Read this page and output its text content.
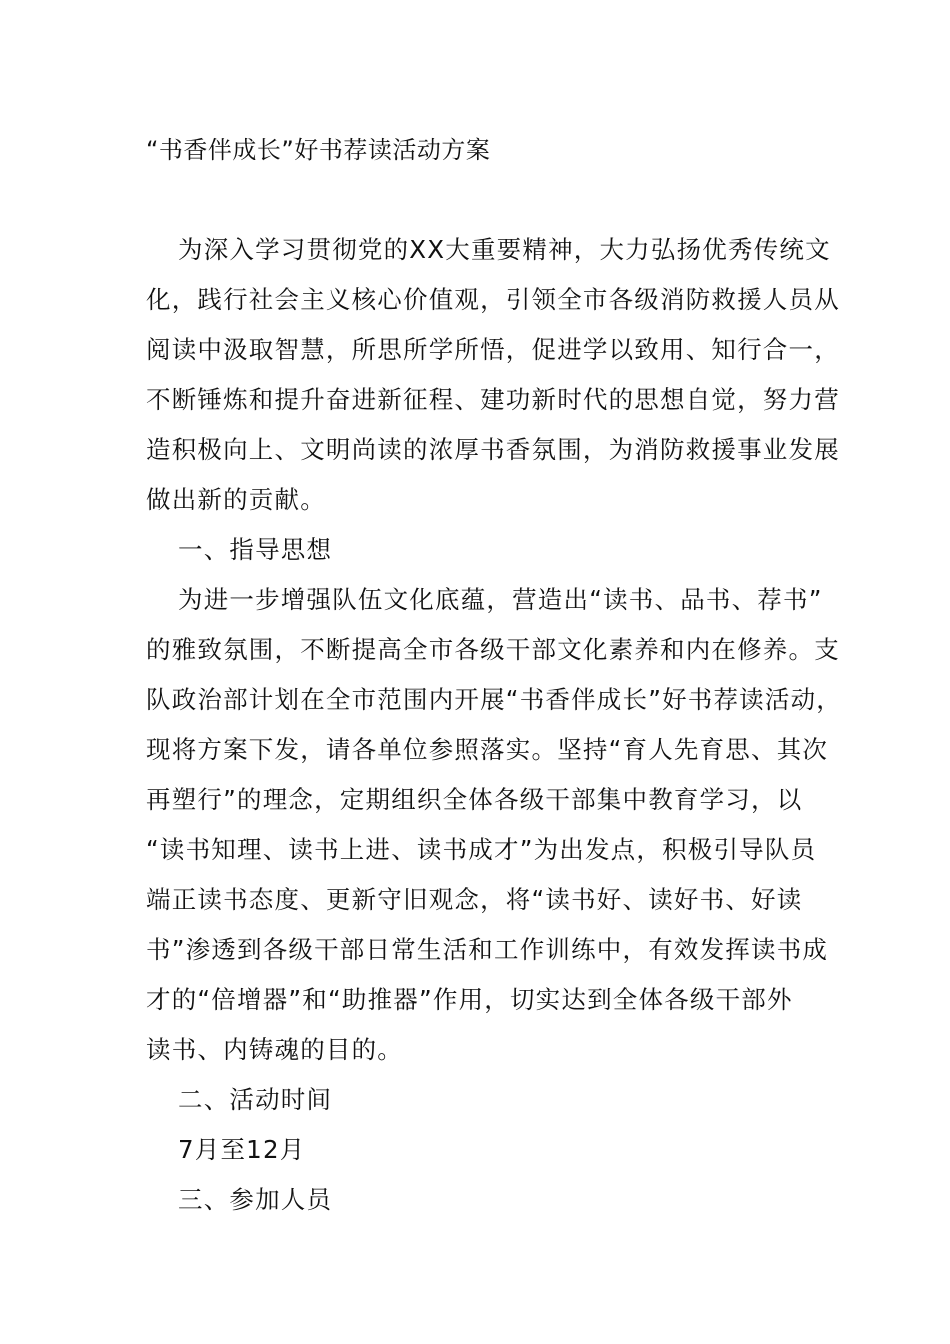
“书香伴成长”好书荐读活动方案
为深入学习贯彻党的XX大重要精神，大力弘扬优秀传统文
化，践行社会主义核心价值观，引领全市各级消防救援人员从
阅读中汲取智慧，所思所学所悟，促进学以致用、知行合一，
不断锤炼和提升奋进新征程、建功新时代的思想自觉，努力营
造积极向上、文明尚读的浓厚书香氛围，为消防救援事业发展
做出新的贡献。
一、指导思想
为进一步增强队伍文化底蕴，营造出“读书、品书、荐书”
的雅致氛围，不断提高全市各级干部文化素养和内在修养。支
队政治部计划在全市范围内开展“书香伴成长”好书荐读活动，
现将方案下发，请各单位参照落实。坚持“育人先育思、其次
再塑行”的理念，定期组织全体各级干部集中教育学习，以
“读书知理、读书上进、读书成才”为出发点，积极引导队员
端正读书态度、更新守旧观念，将“读书好、读好书、好读
书”渗透到各级干部日常生活和工作训练中，有效发挥读书成
才的“倍增器”和“助推器”作用，切实达到全体各级干部外
读书、内铸魂的目的。
二、活动时间
7月至12月
三、参加人员
